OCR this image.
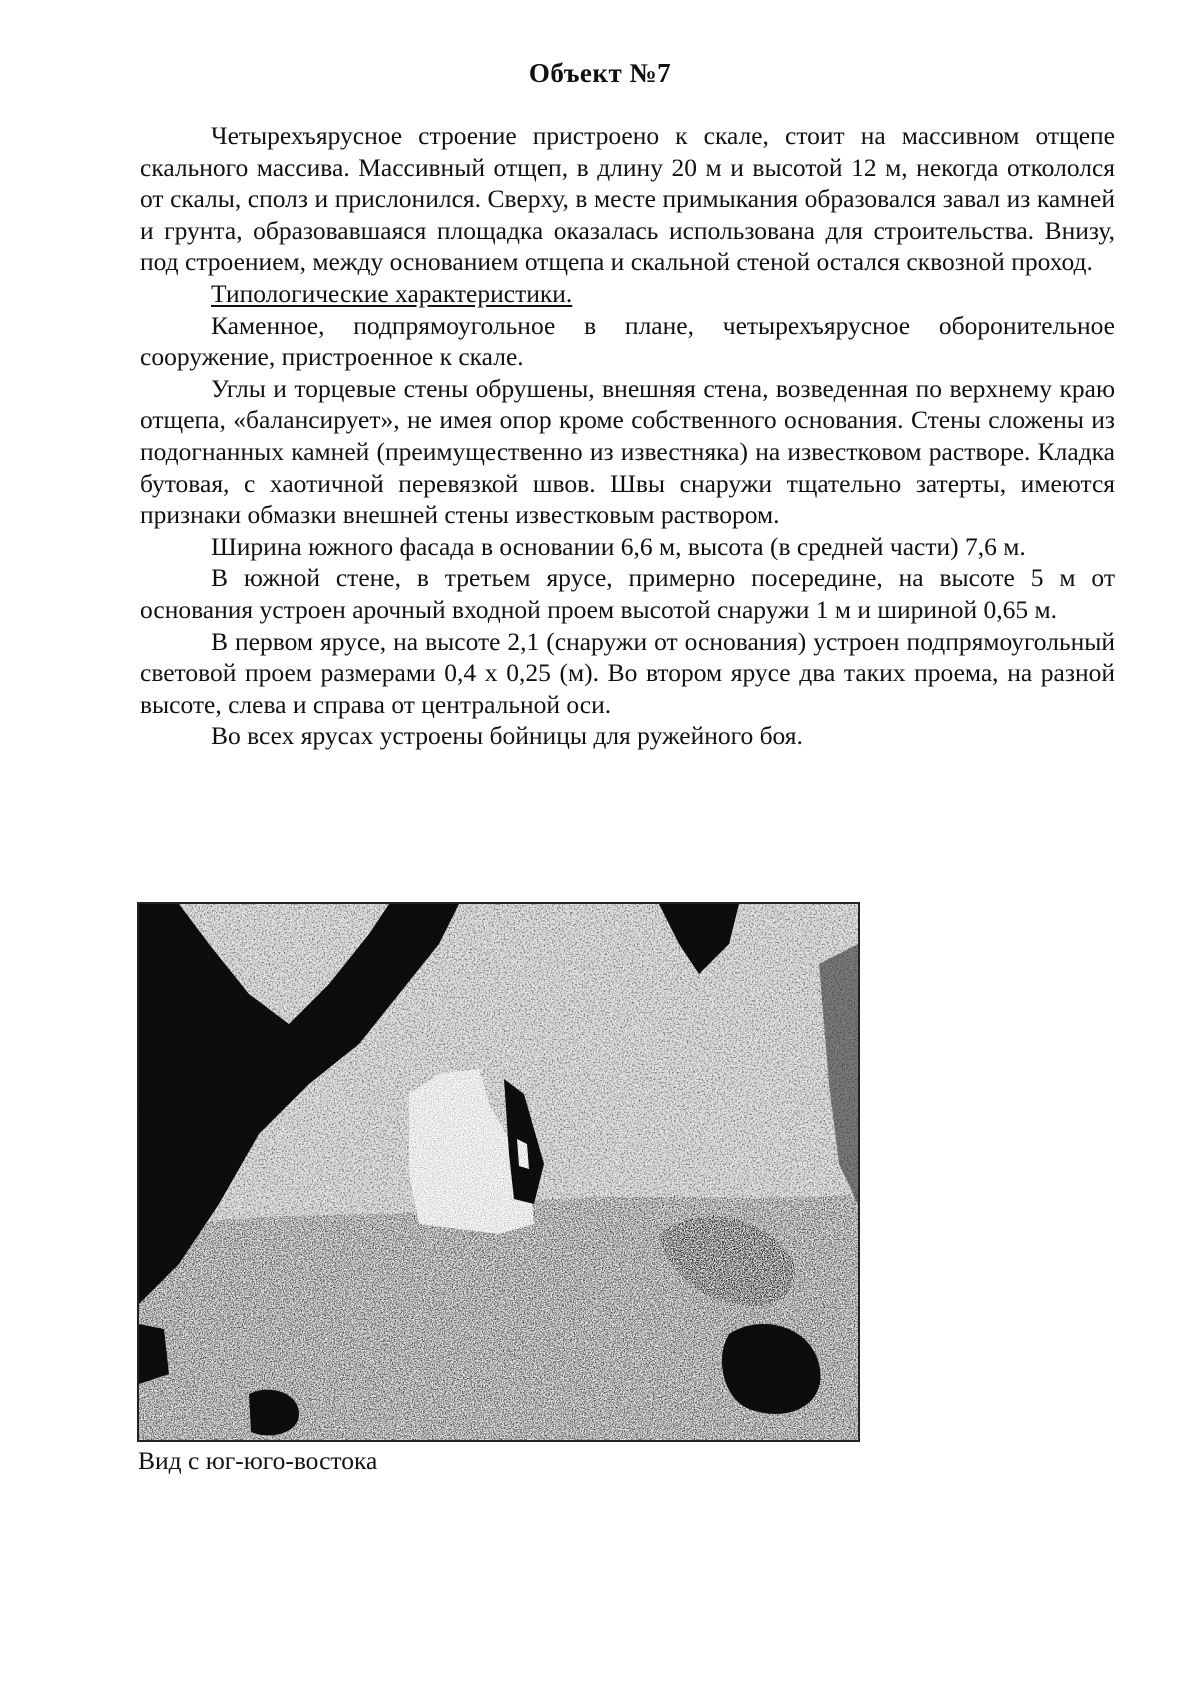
Объект №7

Четырехъярусное строение пристроено к скале, стоит на массивном отщепе скального массива. Массивный отщеп, в длину 20 м и высотой 12 м, некогда откололся от скалы, сполз и прислонился. Сверху, в месте примыкания образовался завал из камней и грунта, образовавшаяся площадка оказалась использована для строительства. Внизу, под строением, между основанием отщепа и скальной стеной остался сквозной проход.

Типологические характеристики.

Каменное, подпрямоугольное в плане, четырехъярусное оборонительное сооружение, пристроенное к скале.

Углы и торцевые стены обрушены, внешняя стена, возведенная по верхнему краю отщепа, «балансирует», не имея опор кроме собственного основания. Стены сложены из подогнанных камней (преимущественно из известняка) на известковом растворе. Кладка бутовая, с хаотичной перевязкой швов. Швы снаружи тщательно затерты, имеются признаки обмазки внешней стены известковым раствором.

Ширина южного фасада в основании 6,6 м, высота (в средней части) 7,6 м.

В южной стене, в третьем ярусе, примерно посередине, на высоте 5 м от основания устроен арочный входной проем высотой снаружи 1 м и шириной 0,65 м.

В первом ярусе, на высоте 2,1 (снаружи от основания) устроен подпрямоугольный световой проем размерами 0,4 х 0,25 (м). Во втором ярусе два таких проема, на разной высоте, слева и справа от центральной оси.

Во всех ярусах устроены бойницы для ружейного боя.

Вид с юг-юго-востока
